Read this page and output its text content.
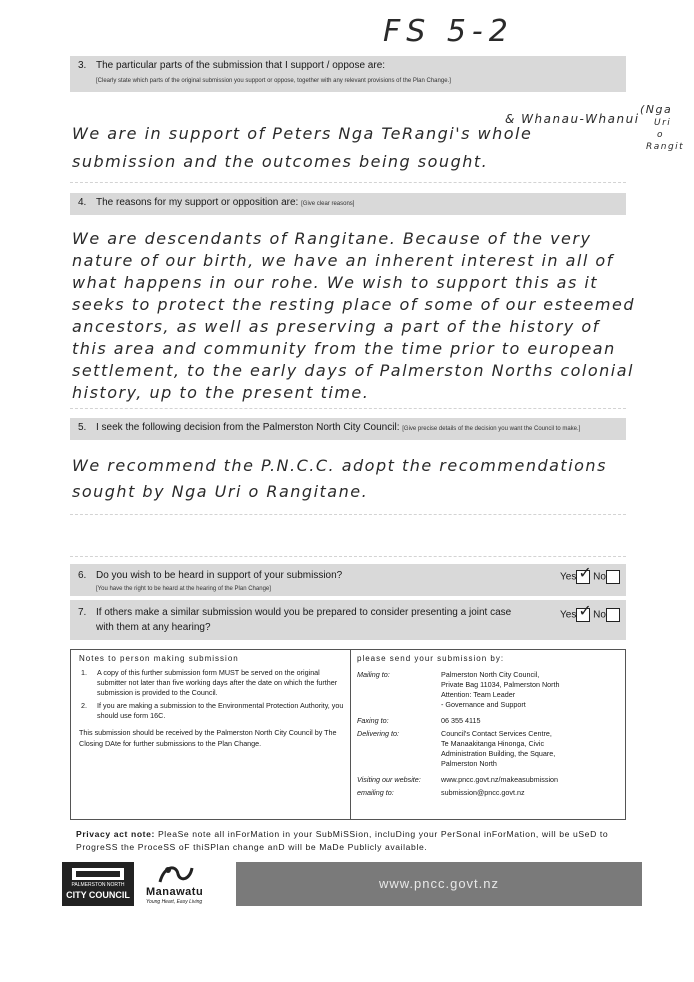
FS 5-2
3. The particular parts of the submission that I support / oppose are:
[Clearly state which parts of the original submission you support or oppose, together with any relevant provisions of the Plan Change.]
& Whanau-Whanui
(Nga
Uri
o
Rangit
We are in support of Peters Nga TeRangi's whole
submission and the outcomes being sought.
4. The reasons for my support or opposition are: [Give clear reasons]
We are descendants of Rangitane. Because of the very
nature of our birth, we have an inherent interest in all of
what happens in our rohe. We wish to support this as it
seeks to protect the resting place of some of our esteemed
ancestors, as well as preserving a part of the history of
this area and community from the time prior to european
settlement, to the early days of Palmerston Norths colonial
history, up to the present time.
5. I seek the following decision from the Palmerston North City Council: [Give precise details of the decision you want the Council to make.]
We recommend the P.N.C.C. adopt the recommendations
sought by Nga Uri o Rangitane.
6. Do you wish to be heard in support of your submission?
[You have the right to be heard at the hearing of the Plan Change]
Yes ✓ No
7. If others make a similar submission would you be prepared to consider presenting a joint case
with them at any hearing?
Yes ✓ No
Notes to person making submission
1.	A copy of this further submission form MUST be served on the original submitter not later than five working days after the date on which the further submission is provided to the Council.
2.	If you are making a submission to the Environmental Protection Authority, you should use form 16C.
This submission should be received by the Palmerston North City Council by The Closing DAte for further submissions to the Plan Change.
please send your submission by:
Mailing to:	Palmerston North City Council,
Private Bag 11034, Palmerston North
Attention: Team Leader
- Governance and Support
Faxing to:	06 355 4115
Delivering to:	Council's Contact Services Centre,
Te Manaakitanga Hinonga, Civic
Administration Building, the Square,
Palmerston North
Visiting our website:	www.pncc.govt.nz/makeasubmission
emailing to:	submission@pncc.govt.nz
Privacy act note: PleaSe note all inForMation in your SubMiSSion, incluDing your PerSonal inForMation, will be uSeD to ProgreSS the ProceSS oF thiSPlan change anD will be MaDe Publicly available.
PALMERSTON NORTH
CITY COUNCIL	Manawatu
Young Heart, Easy Living
www.pncc.govt.nz
